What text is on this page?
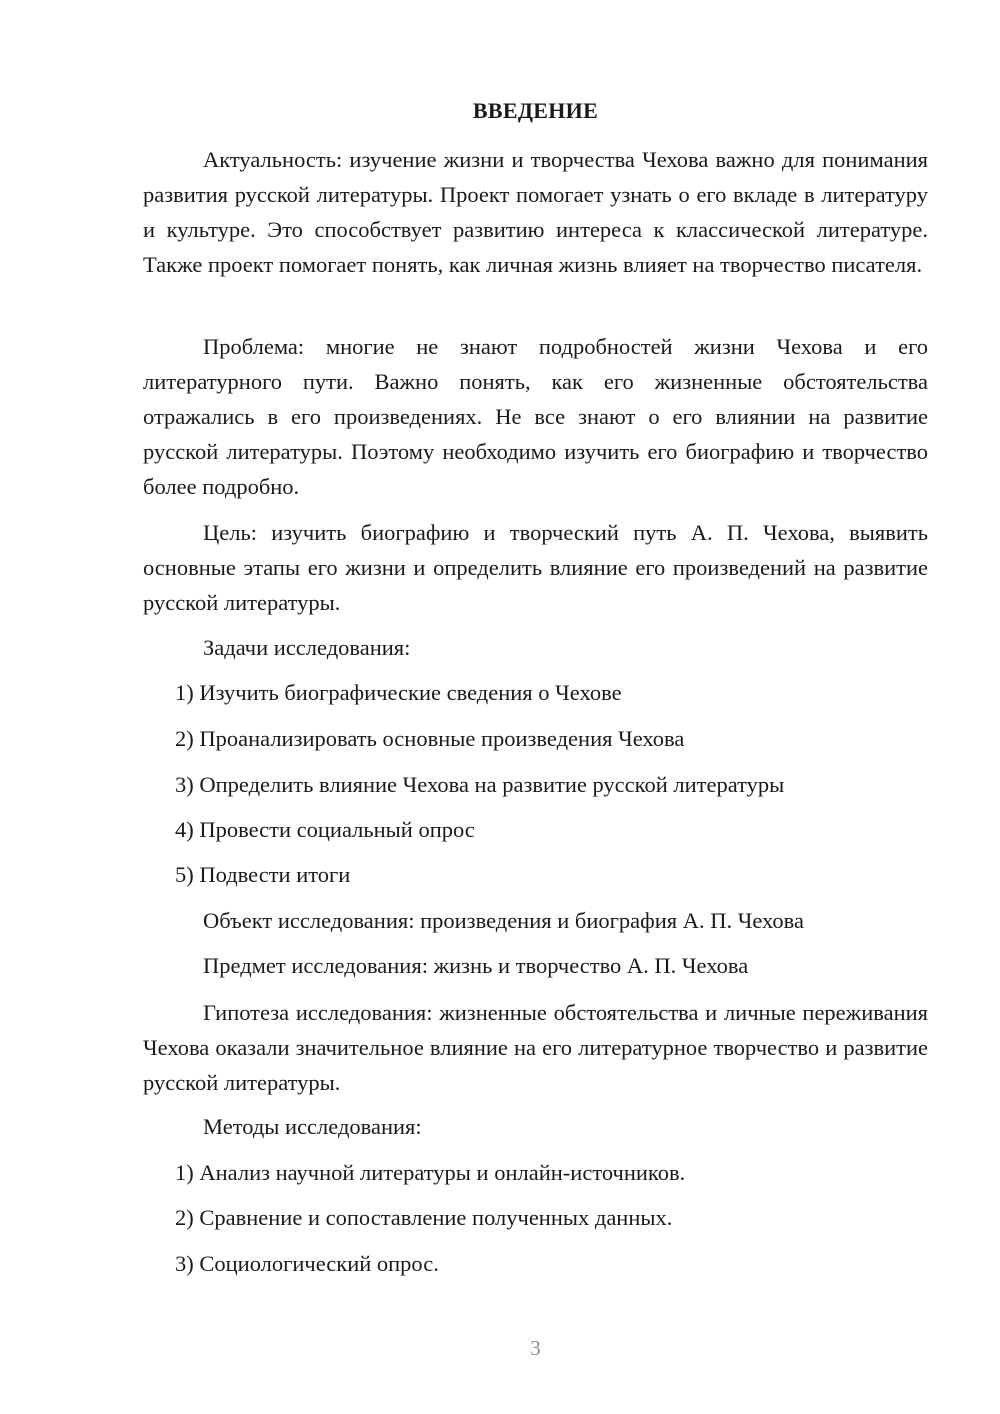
ВВЕДЕНИЕ

Актуальность: изучение жизни и творчества Чехова важно для понимания развития русской литературы. Проект помогает узнать о его вкладе в литературу и культуре. Это способствует развитию интереса к классической литературе. Также проект помогает понять, как личная жизнь влияет на творчество писателя.

Проблема: многие не знают подробностей жизни Чехова и его литературного пути. Важно понять, как его жизненные обстоятельства отражались в его произведениях. Не все знают о его влиянии на развитие русской литературы. Поэтому необходимо изучить его биографию и творчество более подробно.

Цель: изучить биографию и творческий путь А. П. Чехова, выявить основные этапы его жизни и определить влияние его произведений на развитие русской литературы.

Задачи исследования:
1) Изучить биографические сведения о Чехове
2) Проанализировать основные произведения Чехова
3) Определить влияние Чехова на развитие русской литературы
4) Провести социальный опрос
5) Подвести итоги
Объект исследования: произведения и биография А. П. Чехова
Предмет исследования: жизнь и творчество А. П. Чехова

Гипотеза исследования: жизненные обстоятельства и личные переживания Чехова оказали значительное влияние на его литературное творчество и развитие русской литературы.

Методы исследования:
1) Анализ научной литературы и онлайн-источников.
2) Сравнение и сопоставление полученных данных.
3) Социологический опрос.
3
